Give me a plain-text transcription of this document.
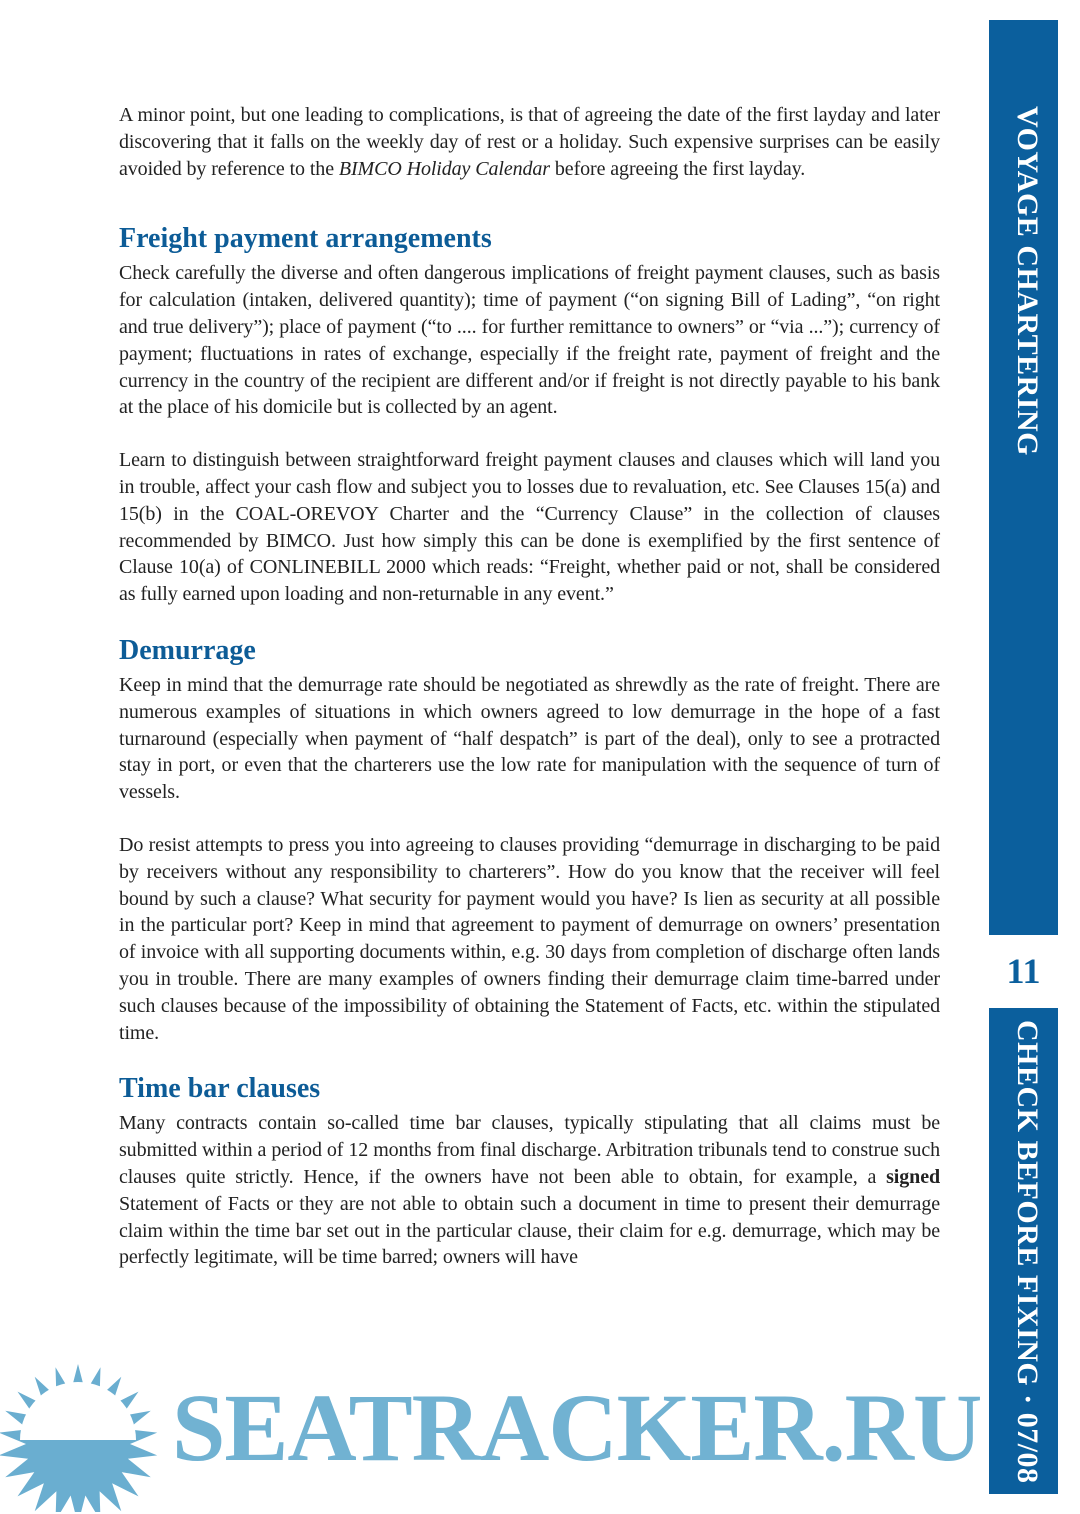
A minor point, but one leading to complications, is that of agreeing the date of the first layday and later discovering that it falls on the weekly day of rest or a holiday. Such expensive surprises can be easily avoided by reference to the BIMCO Holiday Calendar before agreeing the first layday.

Freight payment arrangements

Check carefully the diverse and often dangerous implications of freight payment clauses, such as basis for calculation (intaken, delivered quantity); time of payment (“on signing Bill of Lading”, “on right and true delivery”); place of payment (“to .... for further remittance to owners” or “via ...”); currency of payment; fluctuations in rates of exchange, especially if the freight rate, payment of freight and the currency in the country of the recipient are different and/or if freight is not directly payable to his bank at the place of his domicile but is collected by an agent.

Learn to distinguish between straightforward freight payment clauses and clauses which will land you in trouble, affect your cash flow and subject you to losses due to revaluation, etc. See Clauses 15(a) and 15(b) in the COAL-OREVOY Charter and the “Currency Clause” in the collection of clauses recommended by BIMCO. Just how simply this can be done is exemplified by the first sentence of Clause 10(a) of CONLINEBILL 2000 which reads: “Freight, whether paid or not, shall be considered as fully earned upon loading and non-returnable in any event.”

Demurrage

Keep in mind that the demurrage rate should be negotiated as shrewdly as the rate of freight. There are numerous examples of situations in which owners agreed to low demurrage in the hope of a fast turnaround (especially when payment of “half despatch” is part of the deal), only to see a protracted stay in port, or even that the charterers use the low rate for manipulation with the sequence of turn of vessels.

Do resist attempts to press you into agreeing to clauses providing “demurrage in discharging to be paid by receivers without any responsibility to charterers”. How do you know that the receiver will feel bound by such a clause? What security for payment would you have? Is lien as security at all possible in the particular port? Keep in mind that agreement to payment of demurrage on owners’ presentation of invoice with all supporting documents within, e.g. 30 days from completion of discharge often lands you in trouble. There are many examples of owners finding their demurrage claim time-barred under such clauses because of the impossibility of obtaining the Statement of Facts, etc. within the stipulated time.

Time bar clauses

Many contracts contain so-called time bar clauses, typically stipulating that all claims must be submitted within a period of 12 months from final discharge. Arbitration tribunals tend to construe such clauses quite strictly. Hence, if the owners have not been able to obtain, for example, a signed Statement of Facts or they are not able to obtain such a document in time to present their demurrage claim within the time bar set out in the particular clause, their claim for e.g. demurrage, which may be perfectly legitimate, will be time barred; owners will have

VOYAGE CHARTERING
11
CHECK BEFORE FIXING · 07/08
SEATRACKER.RU
